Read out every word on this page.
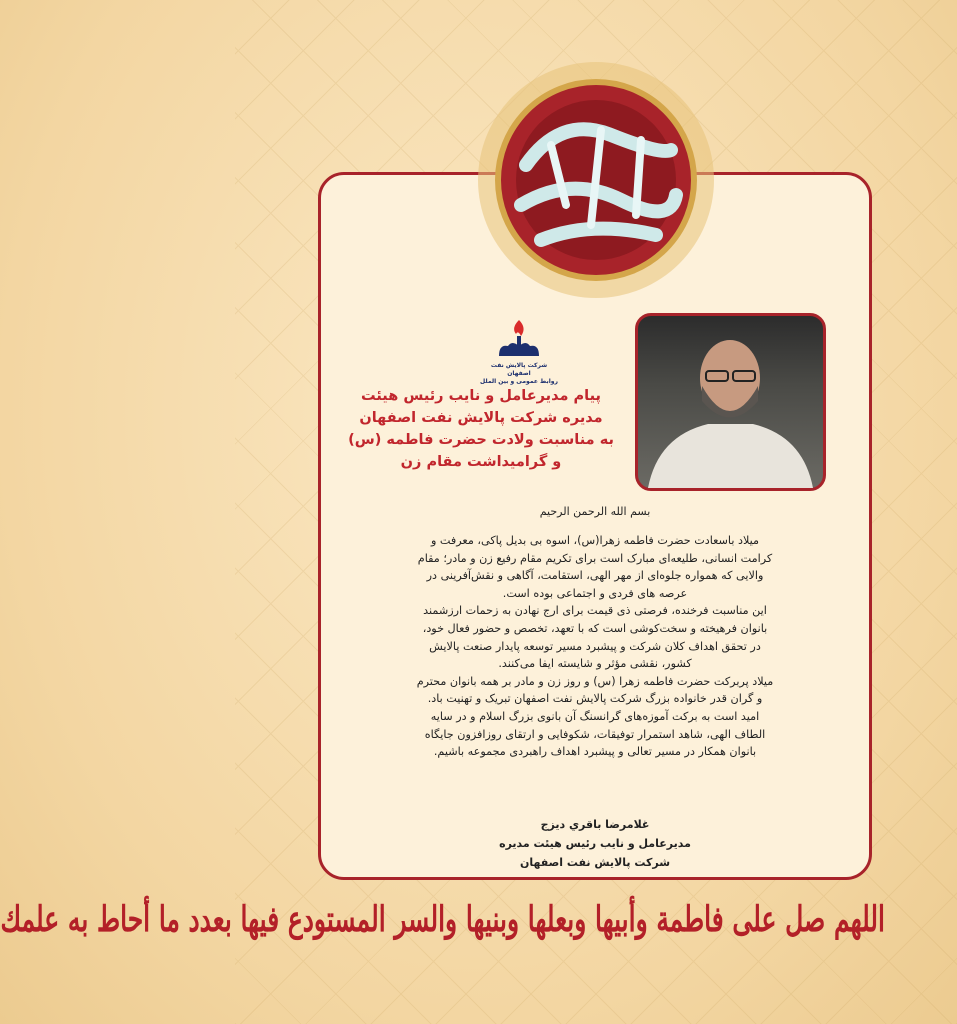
شرکت پالایش نفت اصفهان
روابط عمومی و بین الملل
پیام مدیرعامل و نایب رئیس هیئت
مدیره شرکت پالایش نفت اصفهان
به مناسبت ولادت حضرت فاطمه (س)
و گرامیداشت مقام زن
بسم الله الرحمن الرحیم
میلاد باسعادت حضرت فاطمه زهرا(س)، اسوه بی بدیل پاکی، معرفت و
کرامت انسانی، طلیعه‌ای مبارک است برای تکریم مقام رفیع زن و مادر؛ مقام
والایی که همواره جلوه‌ای از مهر الهی، استقامت، آگاهی و نقش‌آفرینی در
عرصه های فردی و اجتماعی بوده است.
این مناسبت فرخنده، فرصتی ذی قیمت برای ارج نهادن به زحمات ارزشمند
بانوان فرهیخته و سخت‌کوشی است که با تعهد، تخصص و حضور فعال خود،
در تحقق اهداف کلان شرکت و پیشبرد مسیر توسعه پایدار صنعت پالایش
کشور، نقشی مؤثر و شایسته ایفا می‌کنند.
میلاد پربرکت حضرت فاطمه زهرا (س) و روز زن و مادر بر همه بانوان محترم
و گران قدر خانواده بزرگ شرکت پالایش نفت اصفهان تبریک و تهنیت باد.
امید است به برکت آموزه‌های گرانسنگ آن بانوی بزرگ اسلام و در سایه
الطاف الهی، شاهد استمرار توفیقات، شکوفایی و ارتقای روزافزون جایگاه
بانوان همکار در مسیر تعالی و پیشبرد اهداف راهبردی مجموعه باشیم.
غلامرضا باقري ديزج
مدیرعامل و نایب رئیس هیئت مدیره
شرکت پالایش نفت اصفهان
اللهم صل علی فاطمة وأبیها وبعلها وبنیها والسر المستودع فیها بعدد ما أحاط به علمك
